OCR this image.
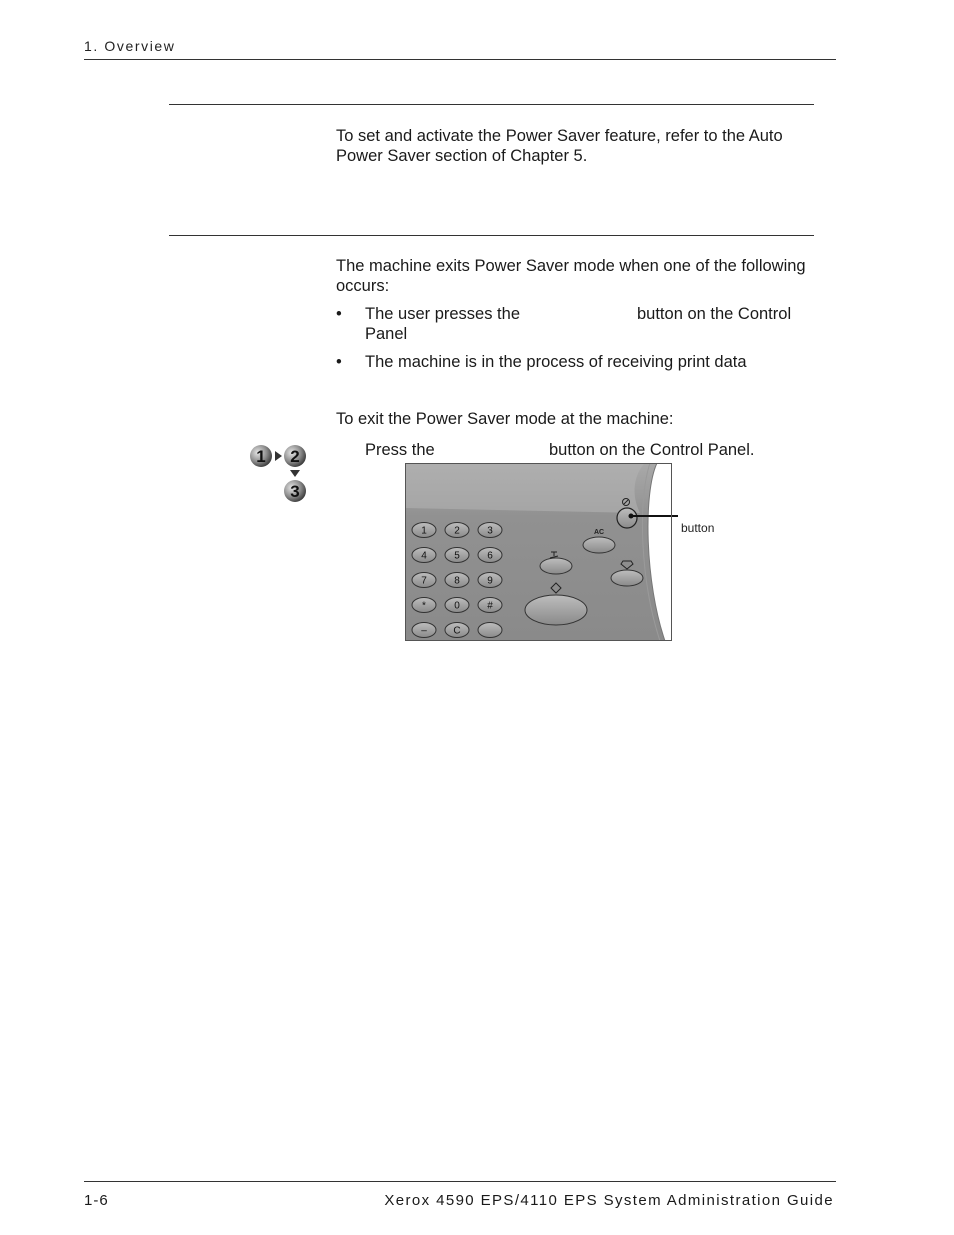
1. Overview
To set and activate the Power Saver feature, refer to the Auto Power Saver section of Chapter 5.
The machine exits Power Saver mode when one of the following
occurs:
• The user presses the	button on the Control
Panel
• The machine is in the process of receiving print data
To exit the Power Saver mode at the machine:
1 2
3
Press the	button on the Control Panel.
1	2	3
4	5	6
7	8	9
*	0	#
–	C
AC	button
1-6	Xerox 4590 EPS/4110 EPS System Administration Guide
